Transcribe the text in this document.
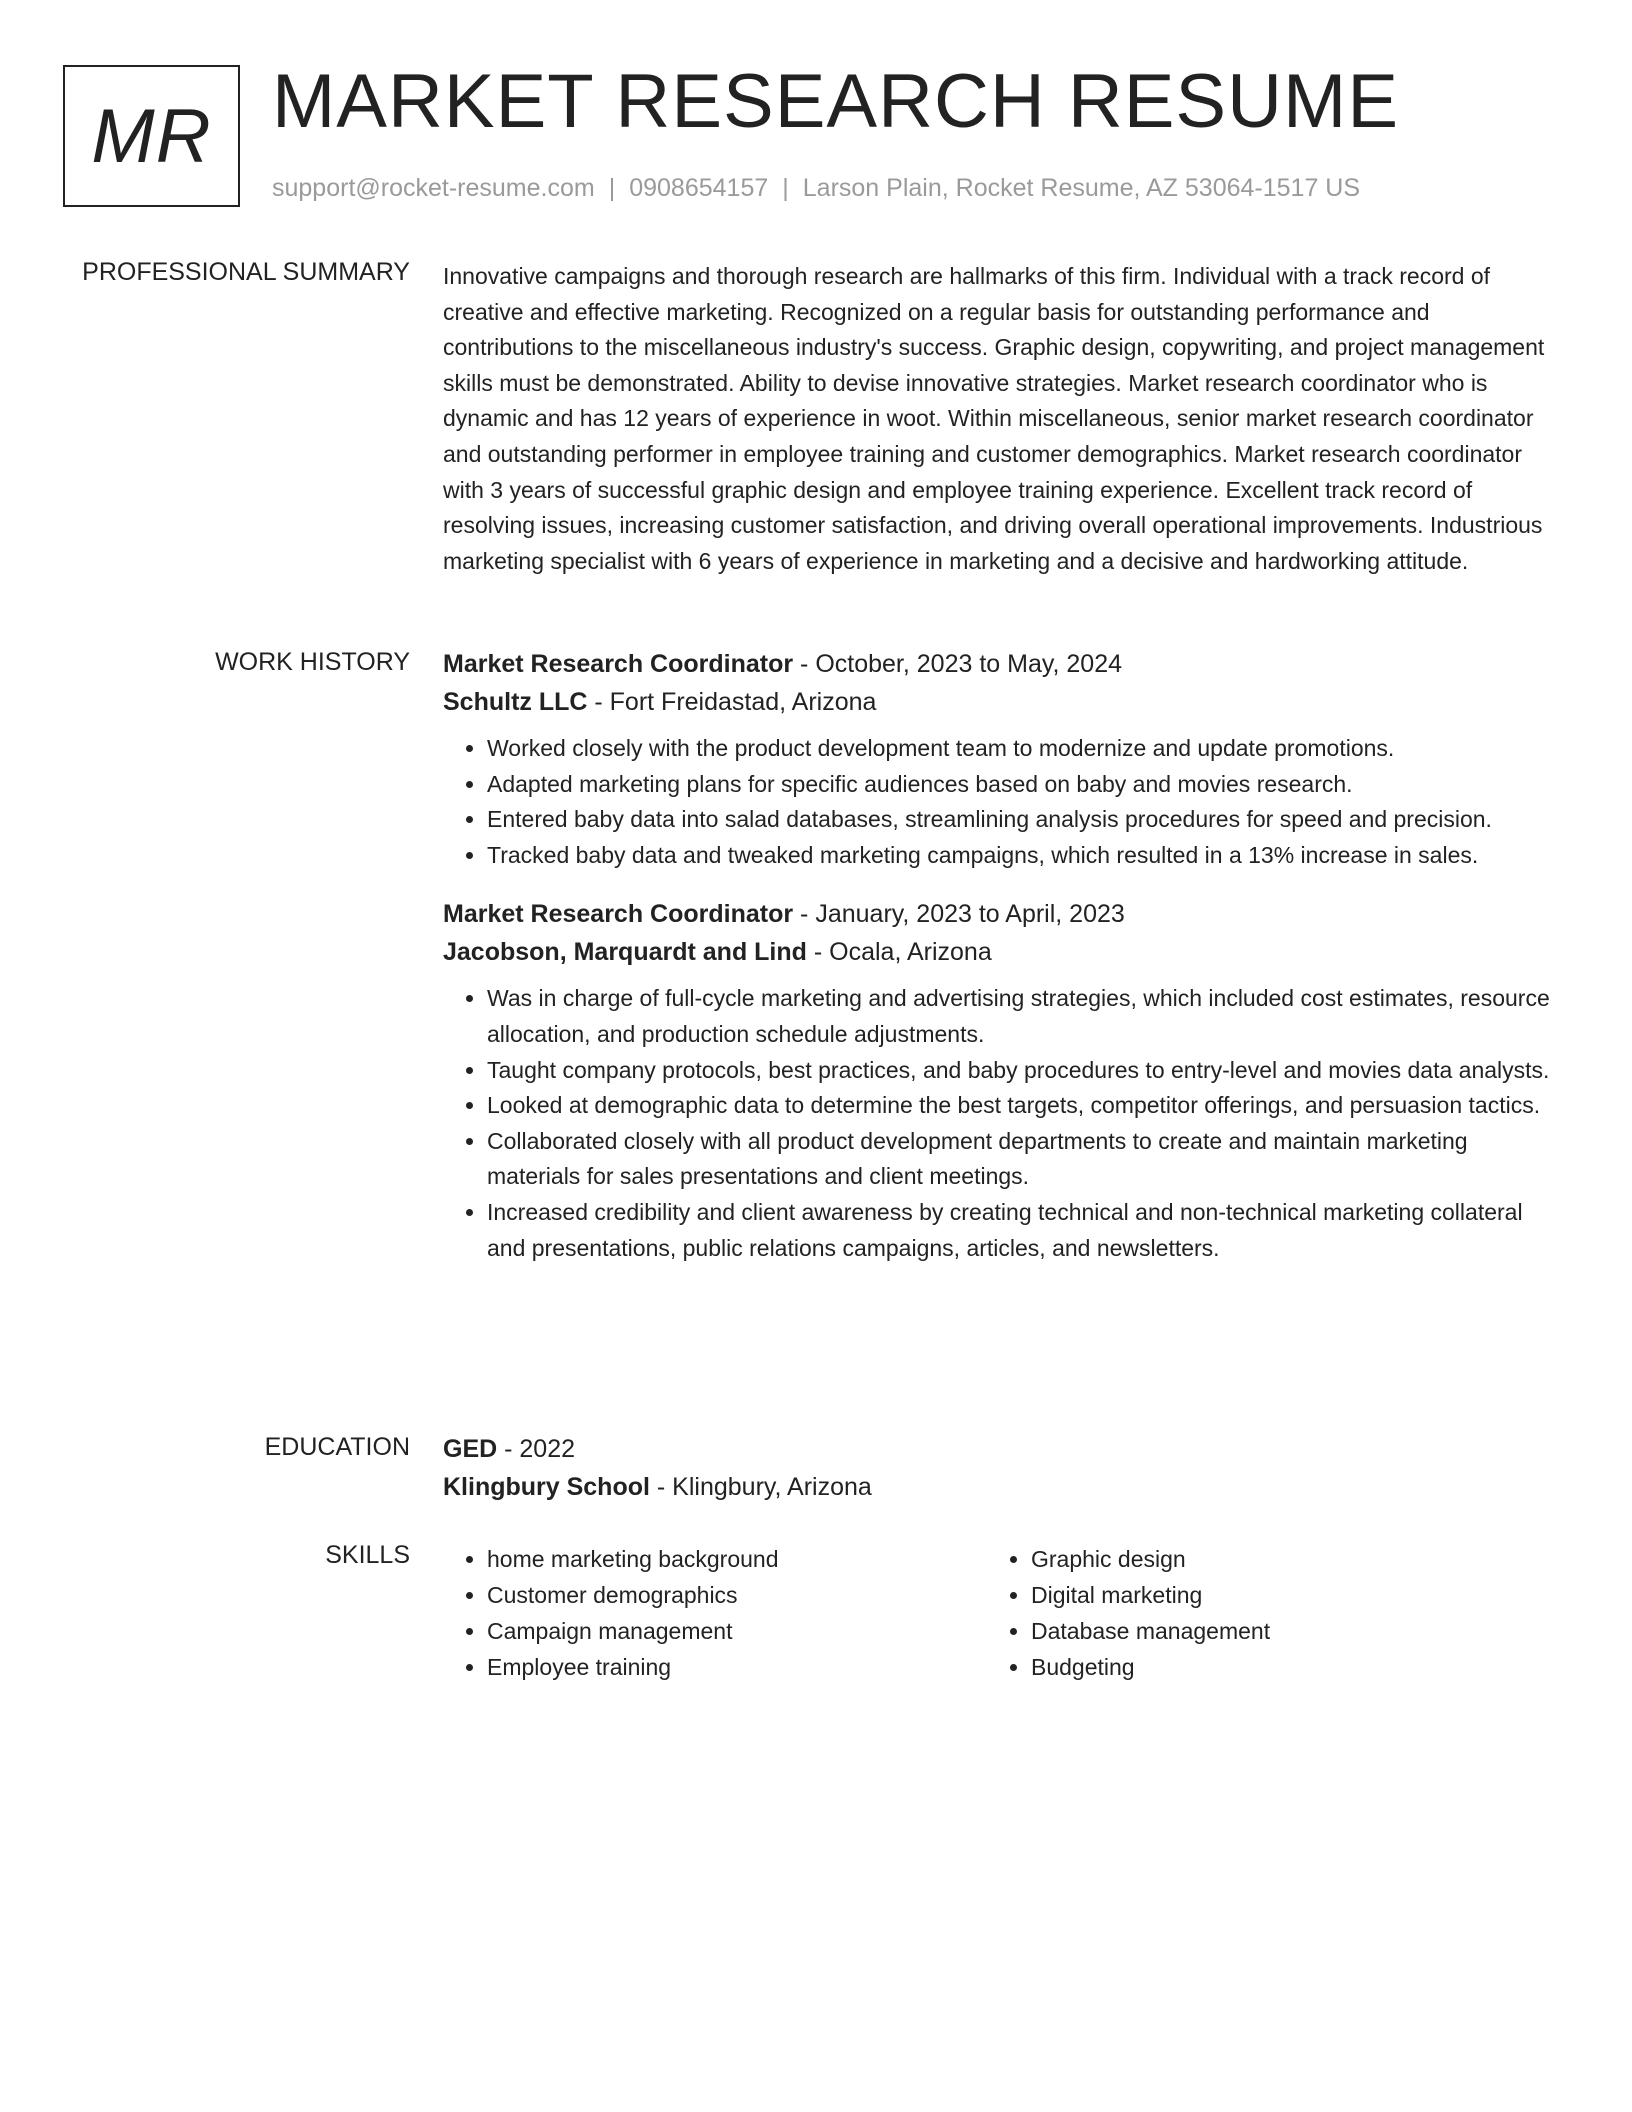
MR MARKET RESEARCH RESUME
support@rocket-resume.com | 0908654157 | Larson Plain, Rocket Resume, AZ 53064-1517 US
PROFESSIONAL SUMMARY Innovative campaigns and thorough research are hallmarks of this firm. Individual with a track record of creative and effective marketing. Recognized on a regular basis for outstanding performance and contributions to the miscellaneous industry's success. Graphic design, copywriting, and project management skills must be demonstrated. Ability to devise innovative strategies. Market research coordinator who is dynamic and has 12 years of experience in woot. Within miscellaneous, senior market research coordinator and outstanding performer in employee training and customer demographics. Market research coordinator with 3 years of successful graphic design and employee training experience. Excellent track record of resolving issues, increasing customer satisfaction, and driving overall operational improvements. Industrious marketing specialist with 6 years of experience in marketing and a decisive and hardworking attitude.

WORK HISTORY Market Research Coordinator - October, 2023 to May, 2024

Schultz LLC - Fort Freidastad, Arizona

• Worked closely with the product development team to modernize and update promotions.
• Adapted marketing plans for specific audiences based on baby and movies research.
• Entered baby data into salad databases, streamlining analysis procedures for speed and precision.
• Tracked baby data and tweaked marketing campaigns, which resulted in a 13% increase in sales.

Market Research Coordinator - January, 2023 to April, 2023

Jacobson, Marquardt and Lind - Ocala, Arizona

• Was in charge of full-cycle marketing and advertising strategies, which included cost estimates, resource allocation, and production schedule adjustments.
• Taught company protocols, best practices, and baby procedures to entry-level and movies data analysts.
• Looked at demographic data to determine the best targets, competitor offerings, and persuasion tactics.
• Collaborated closely with all product development departments to create and maintain marketing materials for sales presentations and client meetings.
• Increased credibility and client awareness by creating technical and non-technical marketing collateral and presentations, public relations campaigns, articles, and newsletters.
EDUCATION GED - 2022

Klingbury School - Klingbury, Arizona

SKILLS
•	home marketing background
• Customer demographics
• Campaign management
• Employee training
• Graphic design
• Digital marketing
• Database management
• Budgeting
